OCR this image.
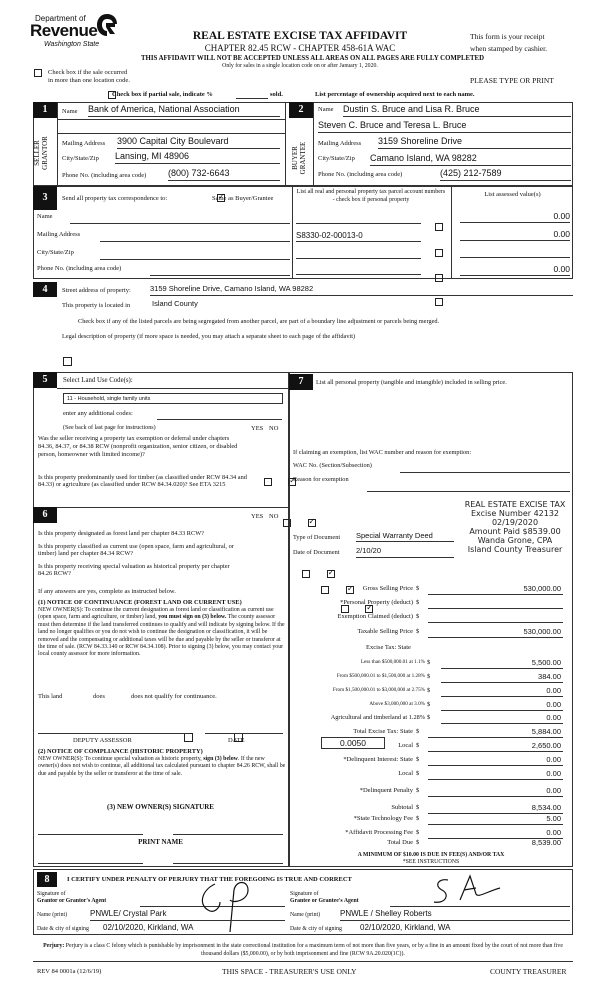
Department of
Revenue
Washington State
REAL ESTATE EXCISE TAX AFFIDAVIT
CHAPTER 82.45 RCW - CHAPTER 458-61A WAC
This form is your receipt
when stamped by cashier.
THIS AFFIDAVIT WILL NOT BE ACCEPTED UNLESS ALL AREAS ON ALL PAGES ARE FULLY COMPLETED
Only for sales in a single location code on or after January 1, 2020.

Check box if the sale occurred
in more than one location code.	PLEASE TYPE OR PRINT

Check box if partial sale, indicate %	sold.	List percentage of ownership acquired next to each name.
1
SELLER GRANTOR
Name Bank of America, National Association
Mailing Address 3900 Capital City Boulevard
City/State/Zip Lansing, MI 48906
Phone No. (including area code) (800) 732-6643
2
BUYER GRANTEE
Name Dustin S. Bruce and Lisa R. Bruce
Steven C. Bruce and Teresa L. Bruce
Mailing Address 3159 Shoreline Drive
City/State/Zip Camano Island, WA 98282
Phone No. (including area code)	(425) 212-7589
3	Send all property tax correspondence to: ✓	Same as Buyer/Grantee
Name
Mailing Address
City/State/Zip
Phone No. (including area code)
List all real and personal property tax parcel account numbers - check box if personal property
List assessed value(s)
0.00
S8330-02-00013-0	0.00
0.00
4	Street address of property:	3159 Shoreline Drive, Camano Island, WA 98282
This property is located in	Island County

Check box if any of the listed parcels are being segregated from another parcel, are part of a boundary line adjustment or parcels being merged.
Legal description of property (if more space is needed, you may attach a separate sheet to each page of the affidavit)
5	Select Land Use Code(s):
11 - Household, single family units
enter any additional codes:
(See back of last page for instructions)	YES NO
Was the seller receiving a property tax exemption or deferral under chapters 84.36, 84.37, or 84.38 RCW (nonprofit organization, senior citizen, or disabled person, homeowner with limited income)?
✓
Is this property predominantly used for timber (as classified under RCW 84.34 and 84.33) or agriculture (as classified under RCW 84.34.020)? See ETA 3215
✓
6	YES NO
Is this property designated as forest land per chapter 84.33 RCW?
✓
Is this property classified as current use (open space, farm and agricultural, or timber) land per chapter 84.34 RCW?
✓
Is this property receiving special valuation as historical property per chapter 84.26 RCW?
✓
If any answers are yes, complete as instructed below.
(1) NOTICE OF CONTINUANCE (FOREST LAND OR CURRENT USE)
NEW OWNER(S): To continue the current designation as forest land or classification as current use (open space, farm and agriculture, or timber) land, you must sign on (3) below. The county assessor must then determine if the land transferred continues to qualify and will indicate by signing below. If the land no longer qualifies or you do not wish to continue the designation or classification, it will be removed and the compensating or additional taxes will be due and payable by the seller or transferor at the time of sale. (RCW 84.33.140 or RCW 84.34.108). Prior to signing (3) below, you may contact your local county assessor for more information.
This land
	does	does not qualify for continuance.
DEPUTY ASSESSOR	DATE
(2) NOTICE OF COMPLIANCE (HISTORIC PROPERTY)
NEW OWNER(S): To continue special valuation as historic property, sign (3) below. If the new owner(s) does not wish to continue, all additional tax calculated pursuant to chapter 84.26 RCW, shall be due and payable by the seller or transferor at the time of sale.
(3) NEW OWNER(S) SIGNATURE
PRINT NAME
7	List all personal property (tangible and intangible) included in selling price.
If claiming an exemption, list WAC number and reason for exemption:
WAC No. (Section/Subsection)
Reason for exemption
REAL ESTATE EXCISE TAX
Excise Number 42132
02/19/2020
Amount Paid $8539.00
Wanda Grone, CPA
Island County Treasurer
Type of Document Special Warranty Deed
Date of Document 2/10/20
Gross Selling Price $	530,000.00
*Personal Property (deduct) $
Exemption Claimed (deduct) $
Taxable Selling Price $	530,000.00
Excise Tax: State
Less than $500,000.01 at 1.1% $	5,500.00
From $500,000.01 to $1,500,000 at 1.28% $	384.00
From $1,500,000.01 to $3,000,000 at 2.75% $	0.00
Above $3,000,000 at 3.0% $	0.00
Agricultural and timberland at 1.28% $	0.00
Total Excise Tax: State $	5,884.00
0.0050	Local $	2,650.00
*Delinquent Interest: State $	0.00
Local $	0.00
*Delinquent Penalty $	0.00
Subtotal $	8,534.00
*State Technology Fee $	5.00
*Affidavit Processing Fee $	0.00
Total Due $	8,539.00
A MINIMUM OF $10.00 IS DUE IN FEE(S) AND/OR TAX
*SEE INSTRUCTIONS
8	I CERTIFY UNDER PENALTY OF PERJURY THAT THE FOREGOING IS TRUE AND CORRECT
Signature of
Grantor or Grantor's Agent
Name (print)	PNWLE/ Crystal Park
Date & city of signing 02/10/2020, Kirkland, WA
Signature of
Grantee or Grantee's Agent
Name (print) PNWLE / Shelley Roberts
Date & city of signing 02/10/2020, Kirkland, WA
Perjury: Perjury is a class C felony which is punishable by imprisonment in the state correctional institution for a maximum term of not more than five years, or by a fine in an amount fixed by the court of not more than five thousand dollars ($5,000.00), or by both imprisonment and fine (RCW 9A.20.020(1C)).
REV 84 0001a (12/6/19)	THIS SPACE - TREASURER'S USE ONLY	COUNTY TREASURER
